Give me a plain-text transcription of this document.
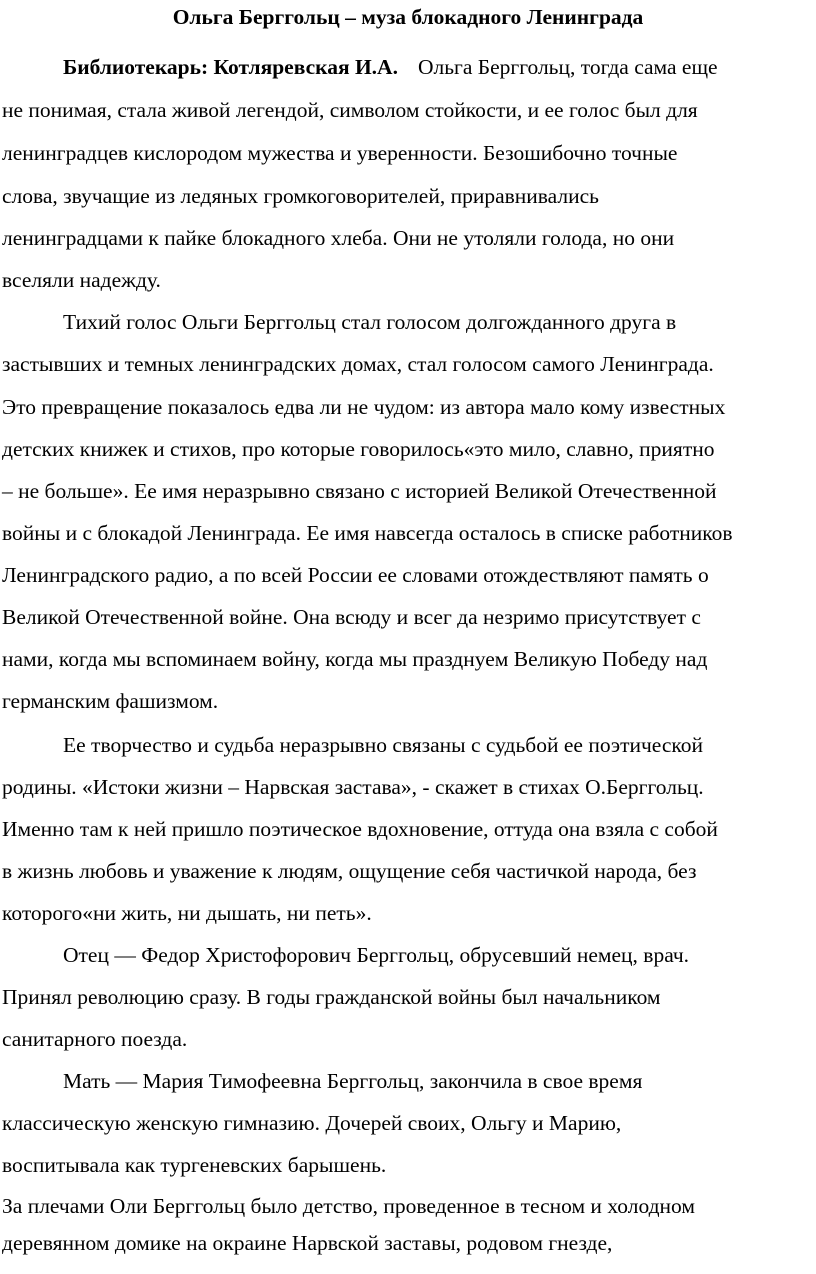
Ольга Берггольц – муза блокадного Ленинграда
Библиотекарь: Котляревская И.А. Ольга Берггольц, тогда сама еще
не понимая, стала живой легендой, символом стойкости, и ее голос был для
ленинградцев кислородом мужества и уверенности. Безошибочно точные
слова, звучащие из ледяных громкоговорителей, приравнивались
ленинградцами к пайке блокадного хлеба. Они не утоляли голода, но они
вселяли надежду.
Тихий голос Ольги Берггольц стал голосом долгожданного друга в
застывших и темных ленинградских домах, стал голосом самого Ленинграда.
Это превращение показалось едва ли не чудом: из автора мало кому известных
детских книжек и стихов, про которые говорилось«это мило, славно, приятно
– не больше». Ее имя неразрывно связано с историей Великой Отечественной
войны и с блокадой Ленинграда. Ее имя навсегда осталось в списке работников
Ленинградского радио, а по всей России ее словами отождествляют память о
Великой Отечественной войне. Она всюду и всег да незримо присутствует с
нами, когда мы вспоминаем войну, когда мы празднуем Великую Победу над
германским фашизмом.
Ее творчество и судьба неразрывно связаны с судьбой ее поэтической
родины. «Истоки жизни – Нарвская застава», - скажет в стихах О.Берггольц.
Именно там к ней пришло поэтическое вдохновение, оттуда она взяла с собой
в жизнь любовь и уважение к людям, ощущение себя частичкой народа, без
которого«ни жить, ни дышать, ни петь».
Отец — Федор Христофорович Берггольц, обрусевший немец, врач.
Принял революцию сразу. В годы гражданской войны был начальником
санитарного поезда.
Мать — Мария Тимофеевна Берггольц, закончила в свое время
классическую женскую гимназию. Дочерей своих, Ольгу и Марию,
воспитывала как тургеневских барышень.
За плечами Оли Берггольц было детство, проведенное в тесном и холодном
деревянном домике на окраине Нарвской заставы, родовом гнезде,
